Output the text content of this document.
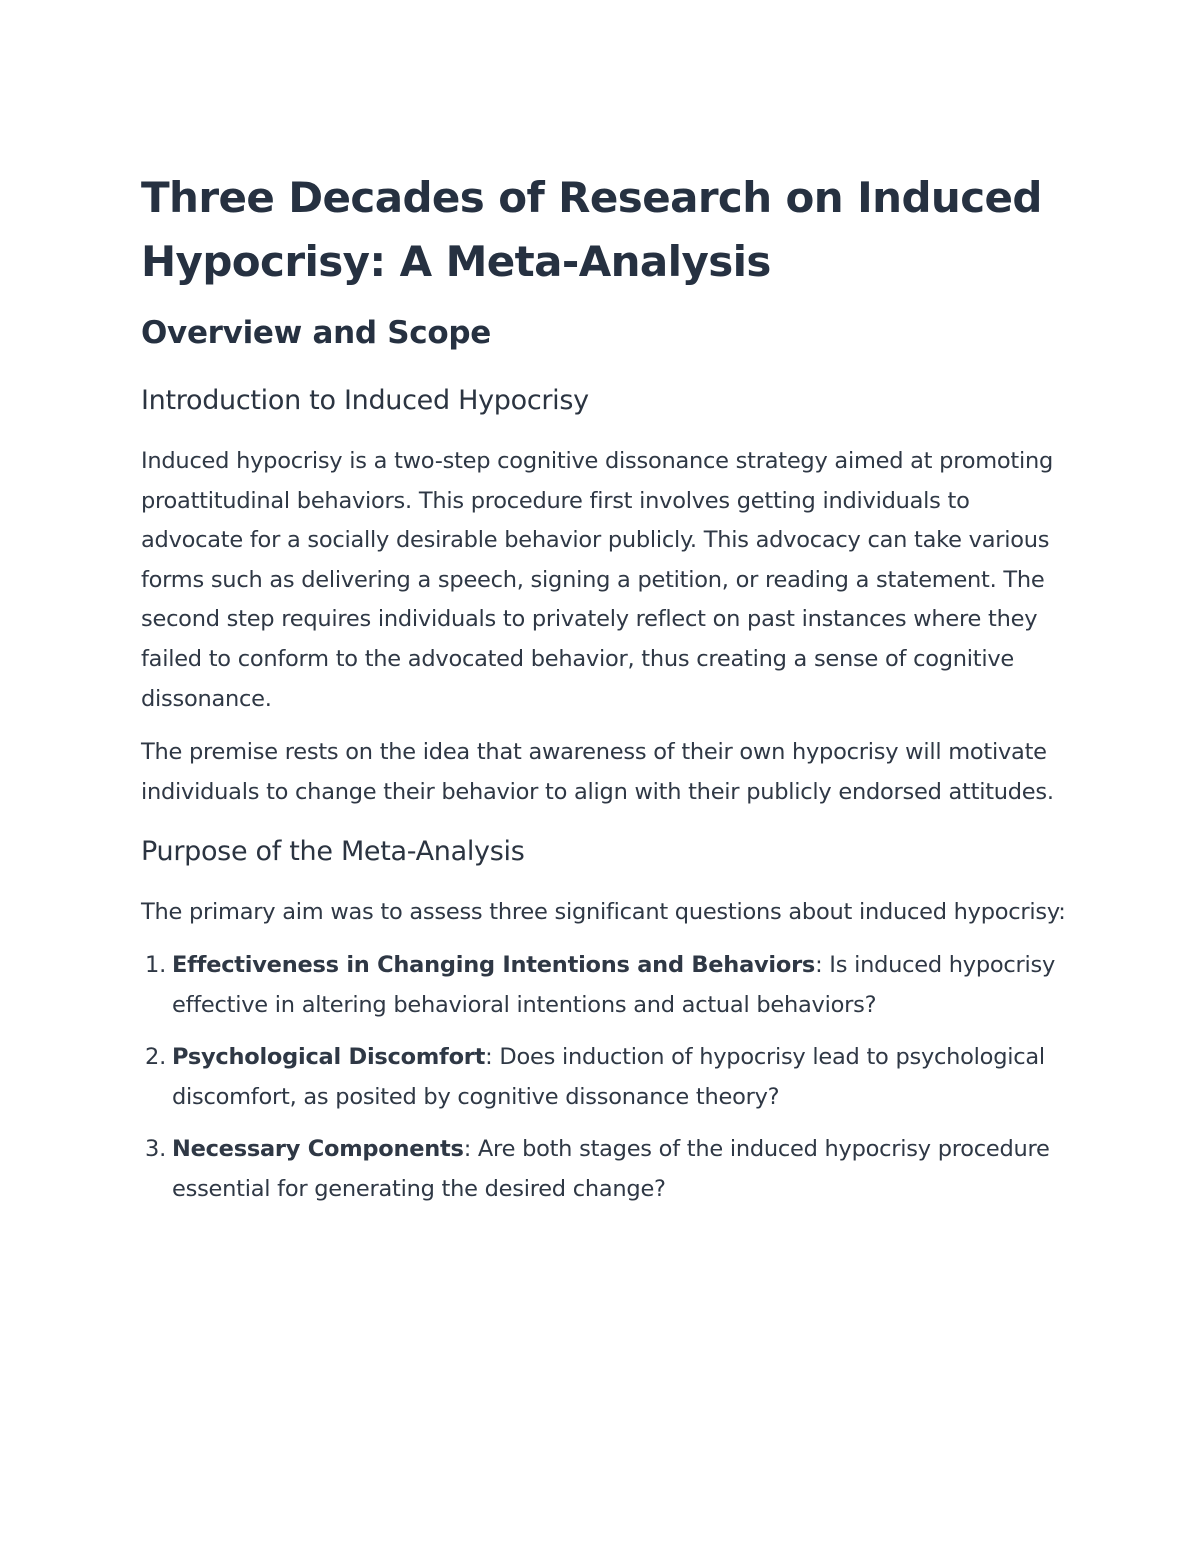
Three Decades of Research on Induced Hypocrisy: A Meta-Analysis
Overview and Scope
Introduction to Induced Hypocrisy

Induced hypocrisy is a two-step cognitive dissonance strategy aimed at promoting proattitudinal behaviors. This procedure first involves getting individuals to advocate for a socially desirable behavior publicly. This advocacy can take various forms such as delivering a speech, signing a petition, or reading a statement. The second step requires individuals to privately reflect on past instances where they failed to conform to the advocated behavior, thus creating a sense of cognitive dissonance.

The premise rests on the idea that awareness of their own hypocrisy will motivate individuals to change their behavior to align with their publicly endorsed attitudes.

Purpose of the Meta-Analysis

The primary aim was to assess three significant questions about induced hypocrisy:

1. Effectiveness in Changing Intentions and Behaviors: Is induced hypocrisy effective in altering behavioral intentions and actual behaviors?
2. Psychological Discomfort: Does induction of hypocrisy lead to psychological discomfort, as posited by cognitive dissonance theory?
3. Necessary Components: Are both stages of the induced hypocrisy procedure essential for generating the desired change?
